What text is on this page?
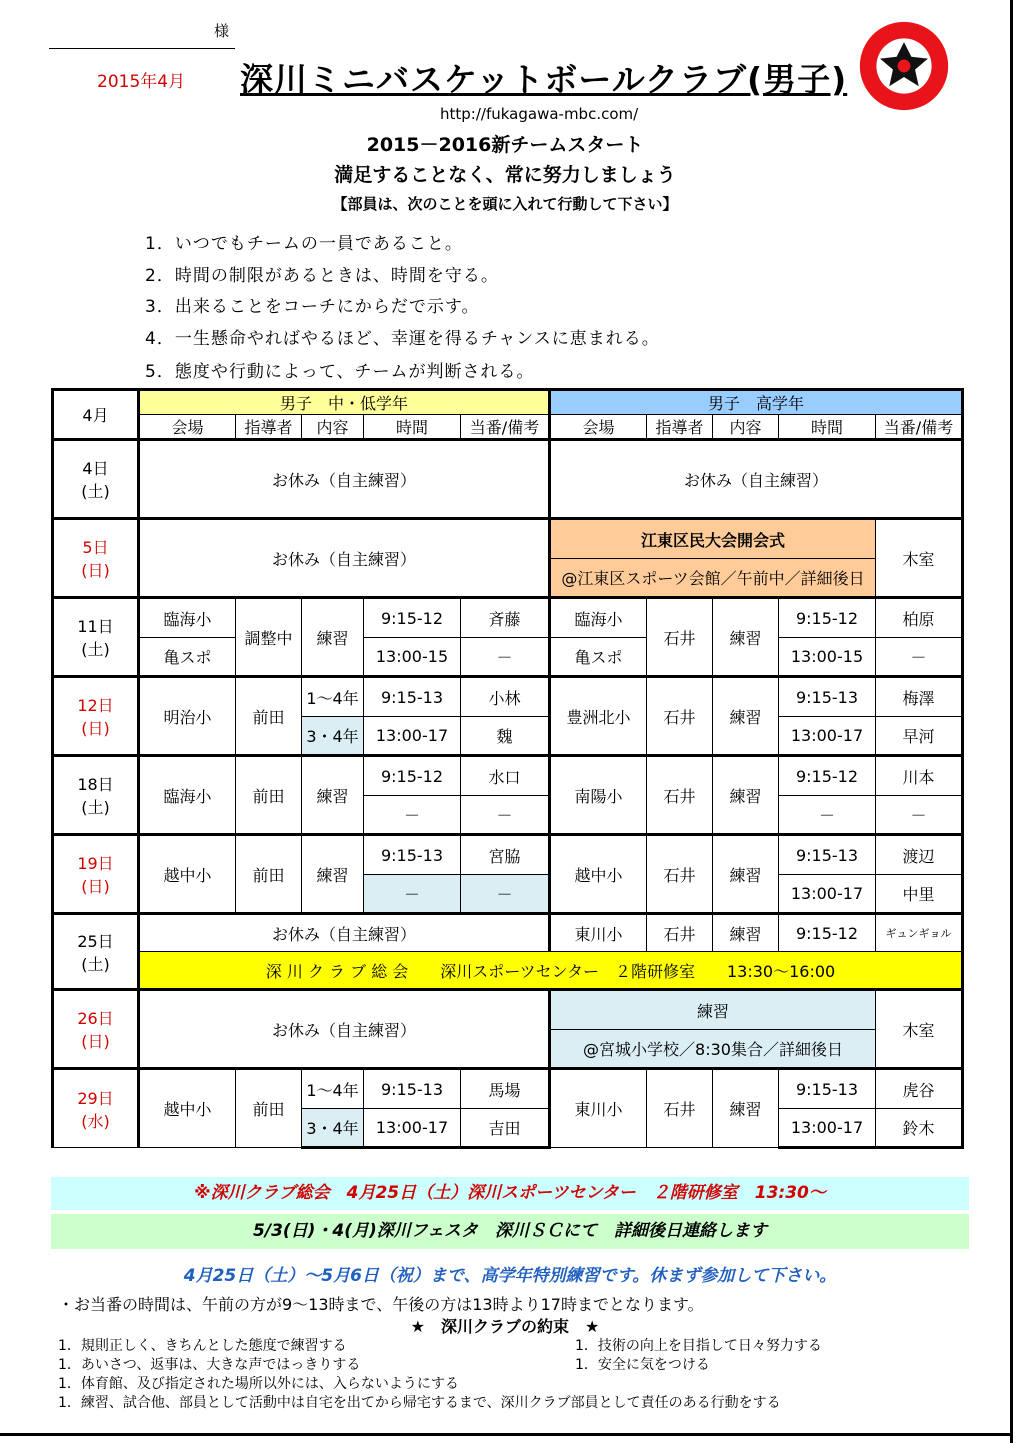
様
2015年4月 深川ミニバスケットボールクラブ(男子)
http://fukagawa-mbc.com/
2015－2016新チームスタート
満足することなく、常に努力しましょう
【部員は、次のことを頭に入れて行動して下さい】
1．いつでもチームの一員であること。
2．時間の制限があるときは、時間を守る。
3．出来ることをコーチにからだで示す。
4．一生懸命やればやるほど、幸運を得るチャンスに恵まれる。
5．態度や行動によって、チームが判断される。
4月	男子　中・低学年					男子　高学年				
	会場	指導者	内容	時間	当番/備考	会場	指導者	内容	時間	当番/備考
4日
(土)	お休み（自主練習）					お休み（自主練習）				
5日
(日)	お休み（自主練習）					江東区民大会開会式				木室
						@江東区スポーツ会館／午前中／詳細後日				
11日
(土)	臨海小	調整中	練習	9:15-12	斉藤	臨海小	石井	練習	9:15-12	柏原
	亀スポ			13:00-15	－	亀スポ			13:00-15	－
12日
(日)	明治小	前田	1～4年	9:15-13	小林	豊洲北小	石井	練習	9:15-13	梅澤
			3・4年	13:00-17	魏				13:00-17	早河
18日
(土)	臨海小	前田	練習	9:15-12	水口	南陽小	石井	練習	9:15-12	川本
				－	－				－	－
19日
(日)	越中小	前田	練習	9:15-13	宮脇	越中小	石井	練習	9:15-13	渡辺
				－	－				13:00-17	中里
25日
(土)	お休み（自主練習）					東川小	石井	練習	9:15-12	ギュンギョル
	深 川 ク ラ ブ 総 会　　深川スポーツセンター　２階研修室　　13:30～16:00									
26日
(日)	お休み（自主練習）					練習				木室
						@宮城小学校／8:30集合／詳細後日				
29日
(水)	越中小	前田	1～4年	9:15-13	馬場	東川小	石井	練習	9:15-13	虎谷
			3・4年	13:00-17	吉田				13:00-17	鈴木
※深川クラブ総会　4月25日（土）深川スポーツセンター　２階研修室　13:30～
5/3(日)・4(月)深川フェスタ　深川ＳＣにて　詳細後日連絡します
4月25日（土）～5月6日（祝）まで、高学年特別練習です。休まず参加して下さい。
・お当番の時間は、午前の方が9～13時まで、午後の方は13時より17時までとなります。
★　深川クラブの約束　★
1．規則正しく、きちんとした態度で練習する	1．技術の向上を目指して日々努力する
1．あいさつ、返事は、大きな声ではっきりする	1．安全に気をつける
1．体育館、及び指定された場所以外には、入らないようにする
1．練習、試合他、部員として活動中は自宅を出てから帰宅するまで、深川クラブ部員として責任のある行動をする
